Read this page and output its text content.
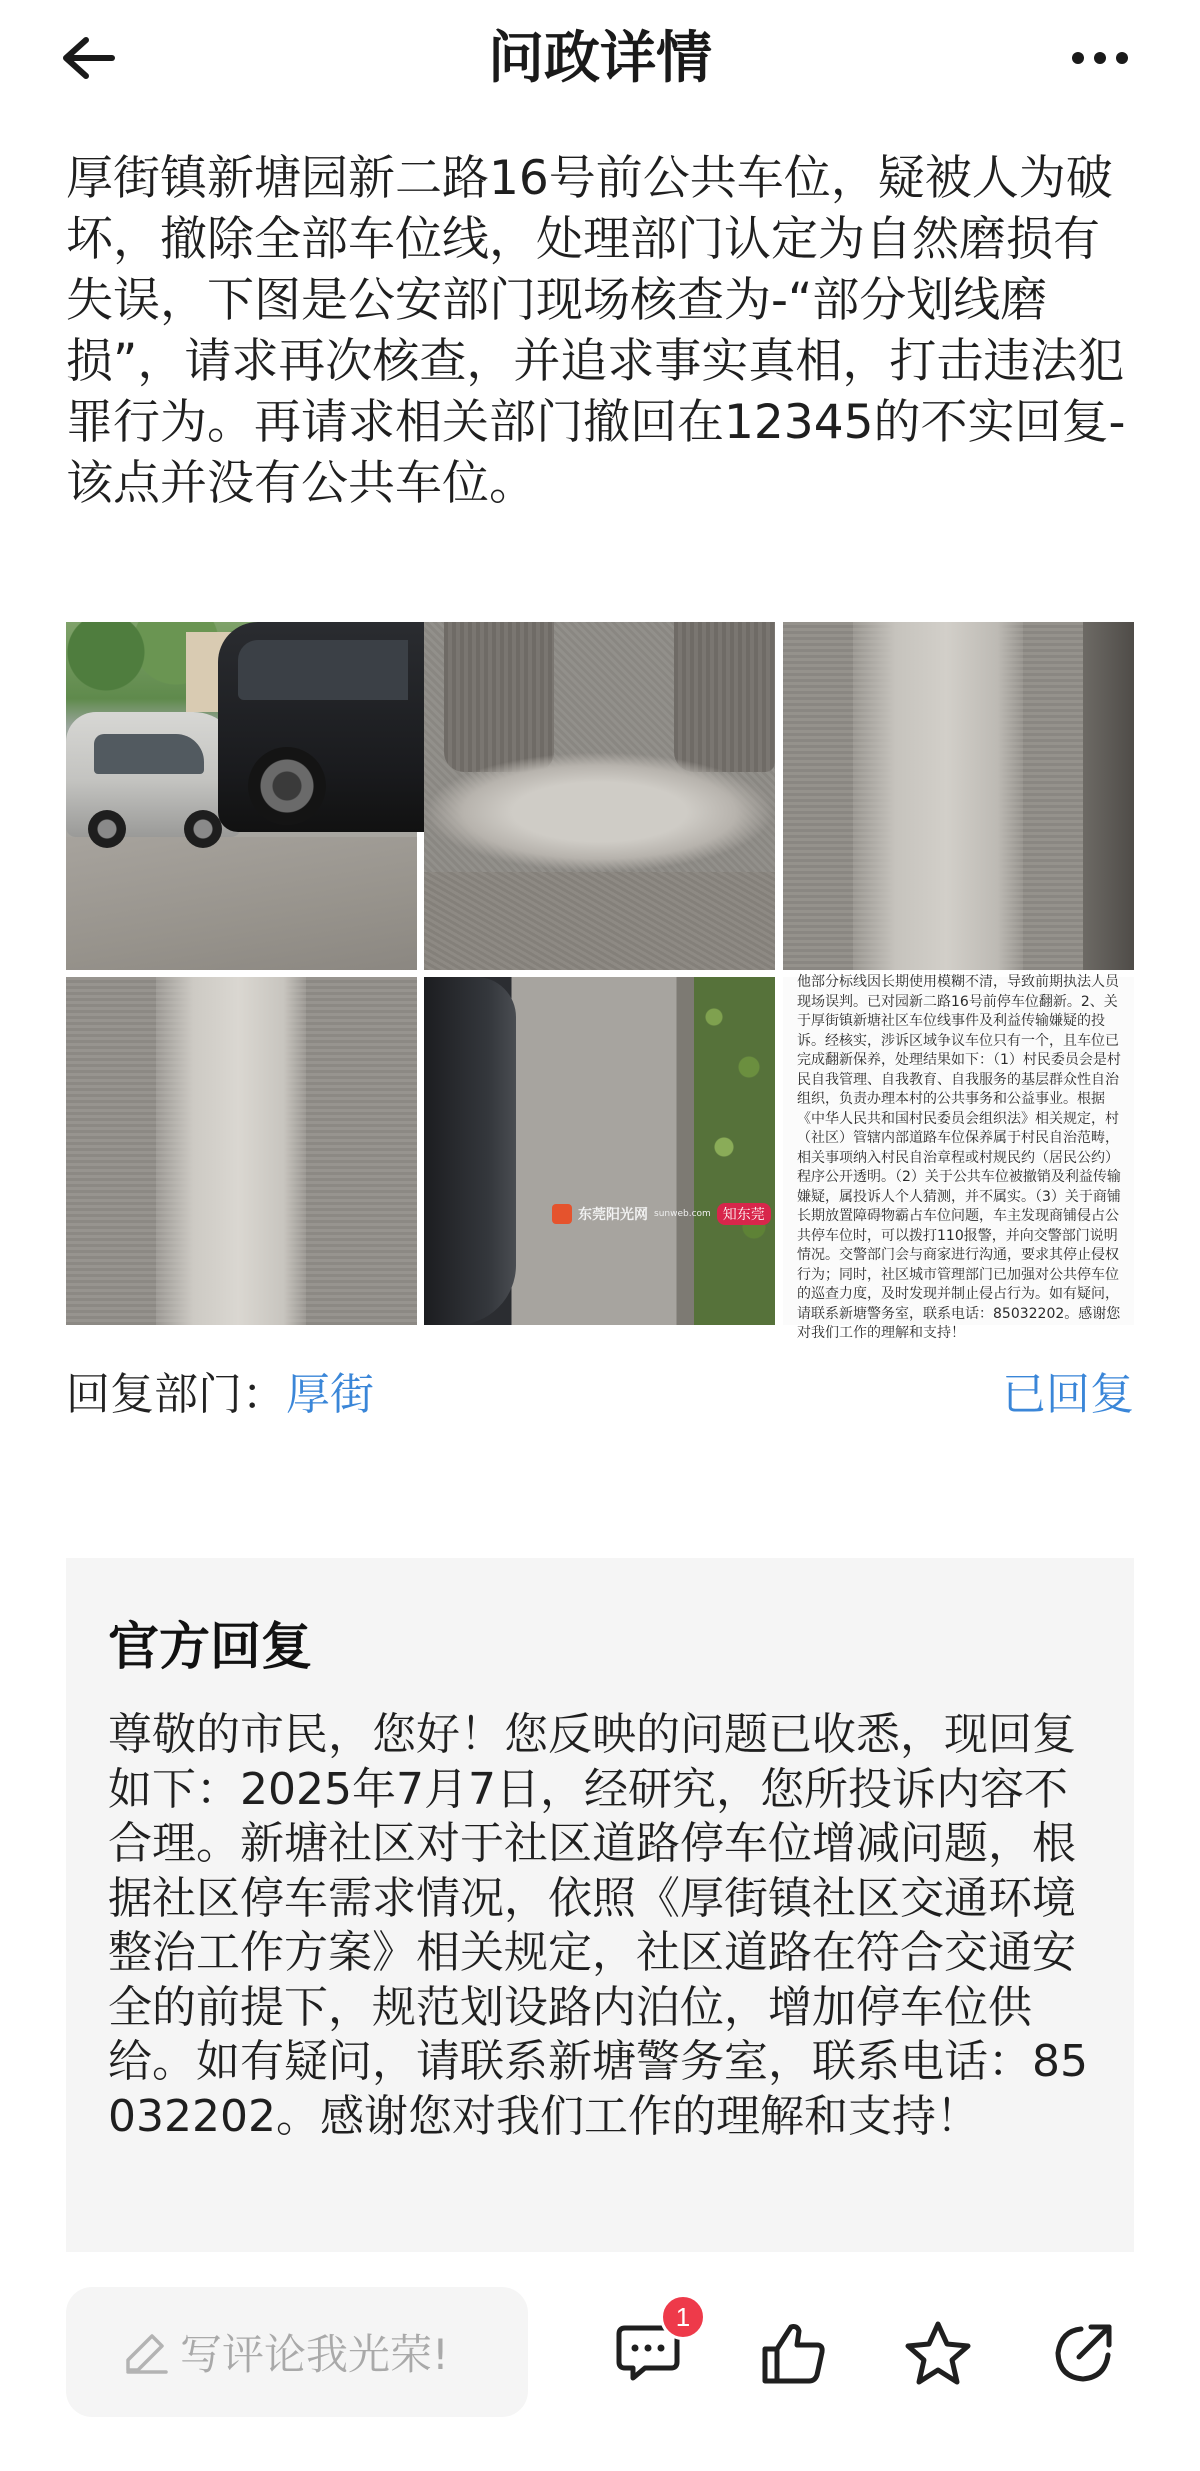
问政详情
厚街镇新塘园新二路16号前公共车位，疑被人为破坏，撤除全部车位线，处理部门认定为自然磨损有失误，下图是公安部门现场核查为-“部分划线磨损”，请求再次核查，并追求事实真相，打击违法犯罪行为。再请求相关部门撤回在12345的不实回复-该点并没有公共车位。
东莞阳光网 sunweb.com 知东莞
他部分标线因长期使用模糊不清，导致前期执法人员现场误判。已对园新二路16号前停车位翻新。2、关于厚街镇新塘社区车位线事件及利益传输嫌疑的投诉。经核实，涉诉区域争议车位只有一个，且车位已完成翻新保养，处理结果如下：（1）村民委员会是村民自我管理、自我教育、自我服务的基层群众性自治组织，负责办理本村的公共事务和公益事业。根据《中华人民共和国村民委员会组织法》相关规定，村（社区）管辖内部道路车位保养属于村民自治范畴，相关事项纳入村民自治章程或村规民约（居民公约）程序公开透明。（2）关于公共车位被撤销及利益传输嫌疑，属投诉人个人猜测，并不属实。（3）关于商铺长期放置障碍物霸占车位问题，车主发现商铺侵占公共停车位时，可以拨打110报警，并向交警部门说明情况。交警部门会与商家进行沟通，要求其停止侵权行为；同时，社区城市管理部门已加强对公共停车位的巡查力度，及时发现并制止侵占行为。如有疑问，请联系新塘警务室，联系电话：85032202。感谢您对我们工作的理解和支持！
回复部门：厚街	已回复
官方回复
尊敬的市民，您好！您反映的问题已收悉，现回复如下：2025年7月7日，经研究，您所投诉内容不合理。新塘社区对于社区道路停车位增减问题，根据社区停车需求情况，依照《厚街镇社区交通环境整治工作方案》相关规定，社区道路在符合交通安全的前提下，规范划设路内泊位，增加停车位供给。如有疑问，请联系新塘警务室，联系电话：85032202。感谢您对我们工作的理解和支持！
写评论我光荣!
1
